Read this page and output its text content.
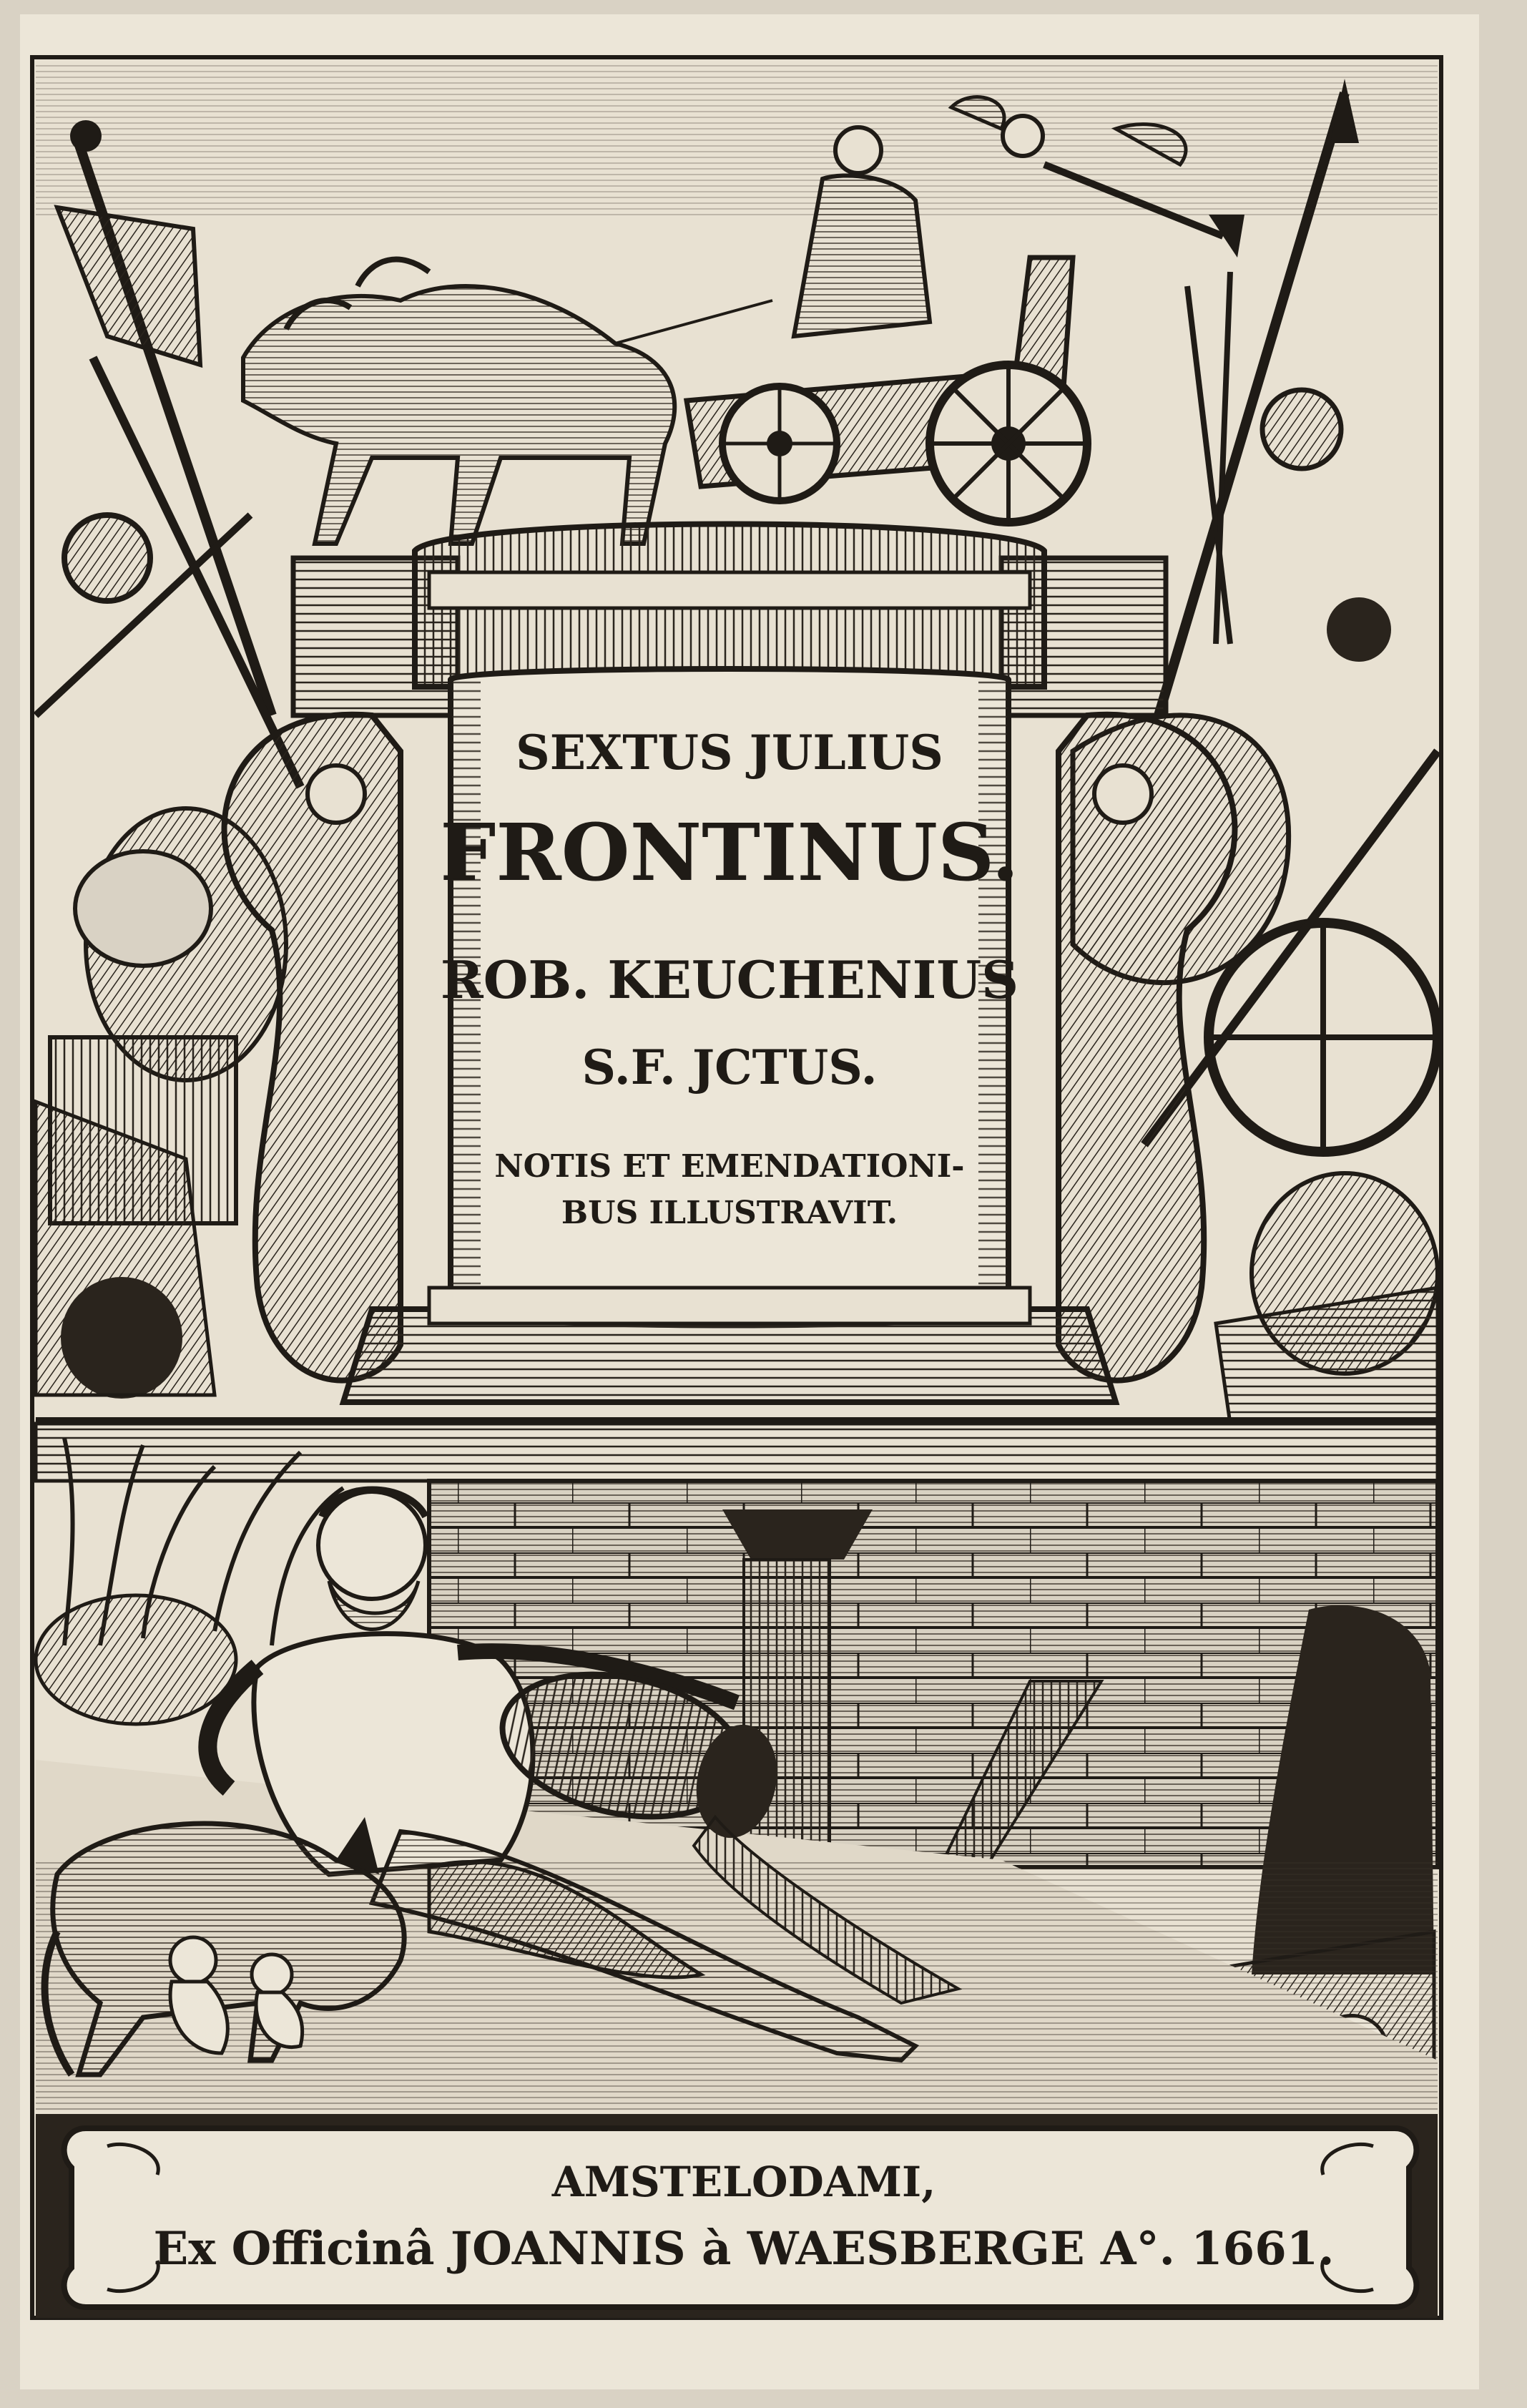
SEXTUS JULIUS
FRONTINUS.
ROB. KEUCHENIUS
S.F. JCTUS.
NOTIS ET EMENDATIONI-
BUS ILLUSTRAVIT.
AMSTELODAMI,
Ex Officinâ JOANNIS à WAESBERGE A°. 1661.
